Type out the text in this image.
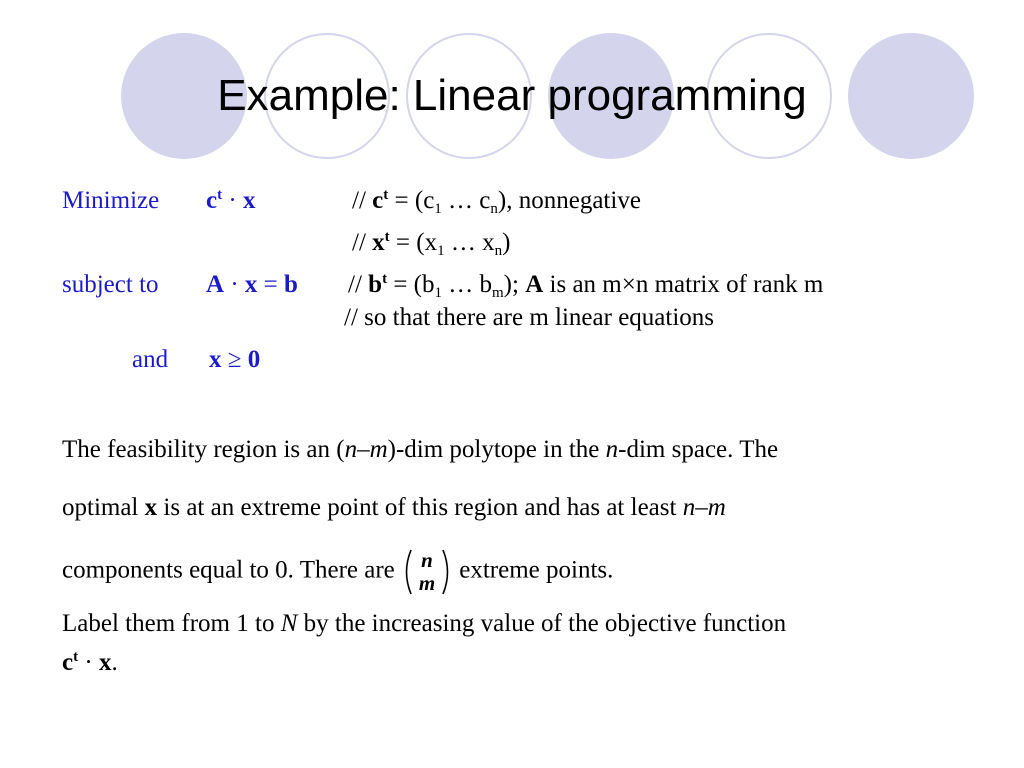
Example: Linear programming
Minimize $c^t \cdot x$	// $c^t = (c_1$ … $c_n$), nonnegative
// $x^t = (x_1$ … $x_n$)
subject to $A \cdot x = b // b^t = (b_1$ … $b_m$); A is an m×n matrix of rank m
// so that there are m linear equations
and x ≥ 0
The feasibility region is an (n–m)-dim polytope in the n-dim space. The
optimal x is at an extreme point of this region and has at least n–m
components equal to 0. There are	n
m extreme points.
Label them from 1 to N by the increasing value of the objective function
$c^t \cdot x$.
